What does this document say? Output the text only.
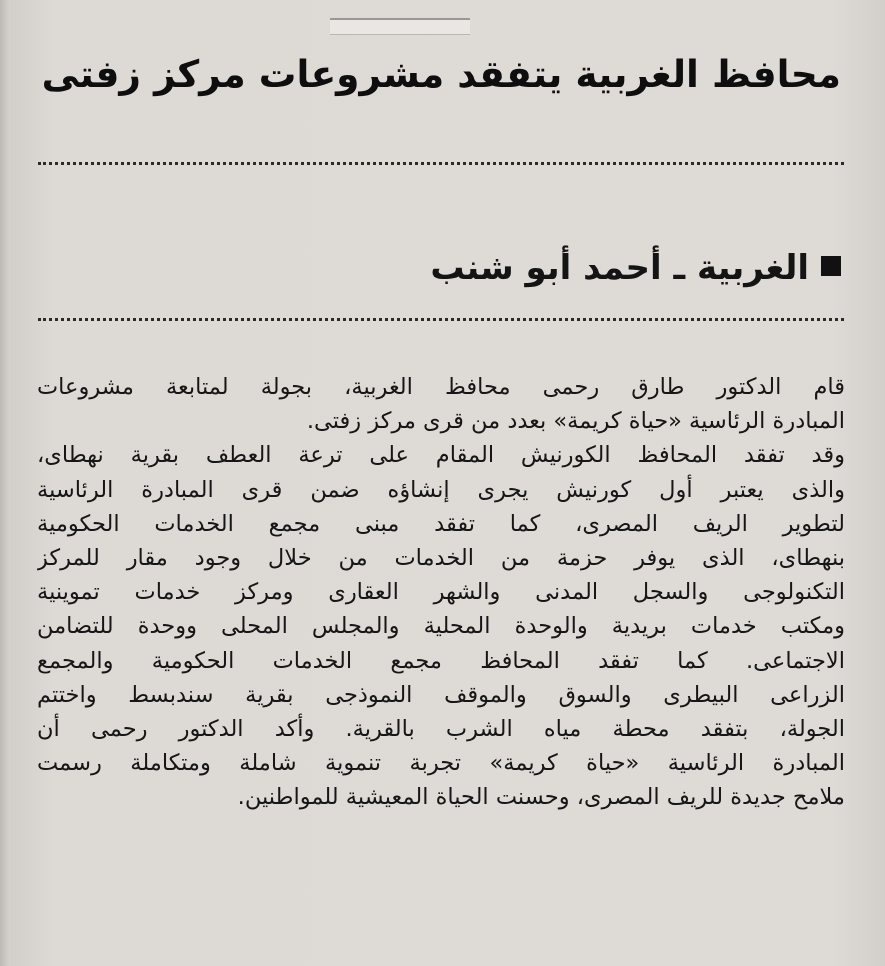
محافظ الغربية يتفقد مشروعات مركز زفتى
الغربية ـ أحمد أبو شنب
قام الدكتور طارق رحمى محافظ الغربية، بجولة لمتابعة مشروعات
المبادرة الرئاسية «حياة كريمة» بعدد من قرى مركز زفتى.
وقد تفقد المحافظ الكورنيش المقام على ترعة العطف بقرية نهطاى،
والذى يعتبر أول كورنيش يجرى إنشاؤه ضمن قرى المبادرة الرئاسية
لتطوير الريف المصرى، كما تفقد مبنى مجمع الخدمات الحكومية
بنهطاى، الذى يوفر حزمة من الخدمات من خلال وجود مقار للمركز
التكنولوجى والسجل المدنى والشهر العقارى ومركز خدمات تموينية
ومكتب خدمات بريدية والوحدة المحلية والمجلس المحلى ووحدة للتضامن
الاجتماعى. كما تفقد المحافظ مجمع الخدمات الحكومية والمجمع
الزراعى البيطرى والسوق والموقف النموذجى بقرية سندبسط واختتم
الجولة، بتفقد محطة مياه الشرب بالقرية. وأكد الدكتور رحمى أن
المبادرة الرئاسية «حياة كريمة» تجربة تنموية شاملة ومتكاملة رسمت
ملامح جديدة للريف المصرى، وحسنت الحياة المعيشية للمواطنين.
